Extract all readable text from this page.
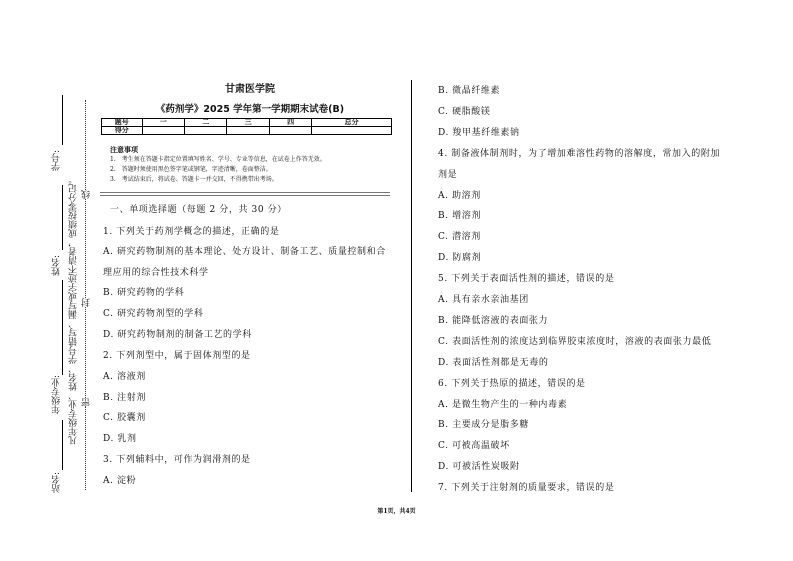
学号:
姓名:
年级专业:
站名:
凡年级专业、姓名、学号错写、漏写或字迹不清者，成绩按零分记。 线
封
密
甘肃医学院
《药剂学》2025 学年第一学期期末试卷(B)
题号	一	二	三	四	总分
得分					
注意事项
1.　考生须在答题卡指定位置填写姓名、学号、专业等信息，在试卷上作答无效。
2.　答题时须使用黑色签字笔或钢笔，字迹清晰，卷面整洁。
3.　考试结束后，将试卷、答题卡一并交回，不得携带出考场。
一、单项选择题（每题 2 分，共 30 分）
1. 下列关于药剂学概念的描述，正确的是
A. 研究药物制剂的基本理论、处方设计、制备工艺、质量控制和合
理应用的综合性技术科学
B. 研究药物的学科
C. 研究药物剂型的学科
D. 研究药物制剂的制备工艺的学科
2. 下列剂型中，属于固体剂型的是
A. 溶液剂
B. 注射剂
C. 胶囊剂
D. 乳剂
3. 下列辅料中，可作为润滑剂的是
A. 淀粉
B. 微晶纤维素
C. 硬脂酸镁
D. 羧甲基纤维素钠
4. 制备液体制剂时，为了增加难溶性药物的溶解度，常加入的附加
剂是
A. 助溶剂
B. 增溶剂
C. 潜溶剂
D. 防腐剂
5. 下列关于表面活性剂的描述，错误的是
A. 具有亲水亲油基团
B. 能降低溶液的表面张力
C. 表面活性剂的浓度达到临界胶束浓度时，溶液的表面张力最低
D. 表面活性剂都是无毒的
6. 下列关于热原的描述，错误的是
A. 是微生物产生的一种内毒素
B. 主要成分是脂多糖
C. 可被高温破坏
D. 可被活性炭吸附
7. 下列关于注射剂的质量要求，错误的是
第1页，共4页
